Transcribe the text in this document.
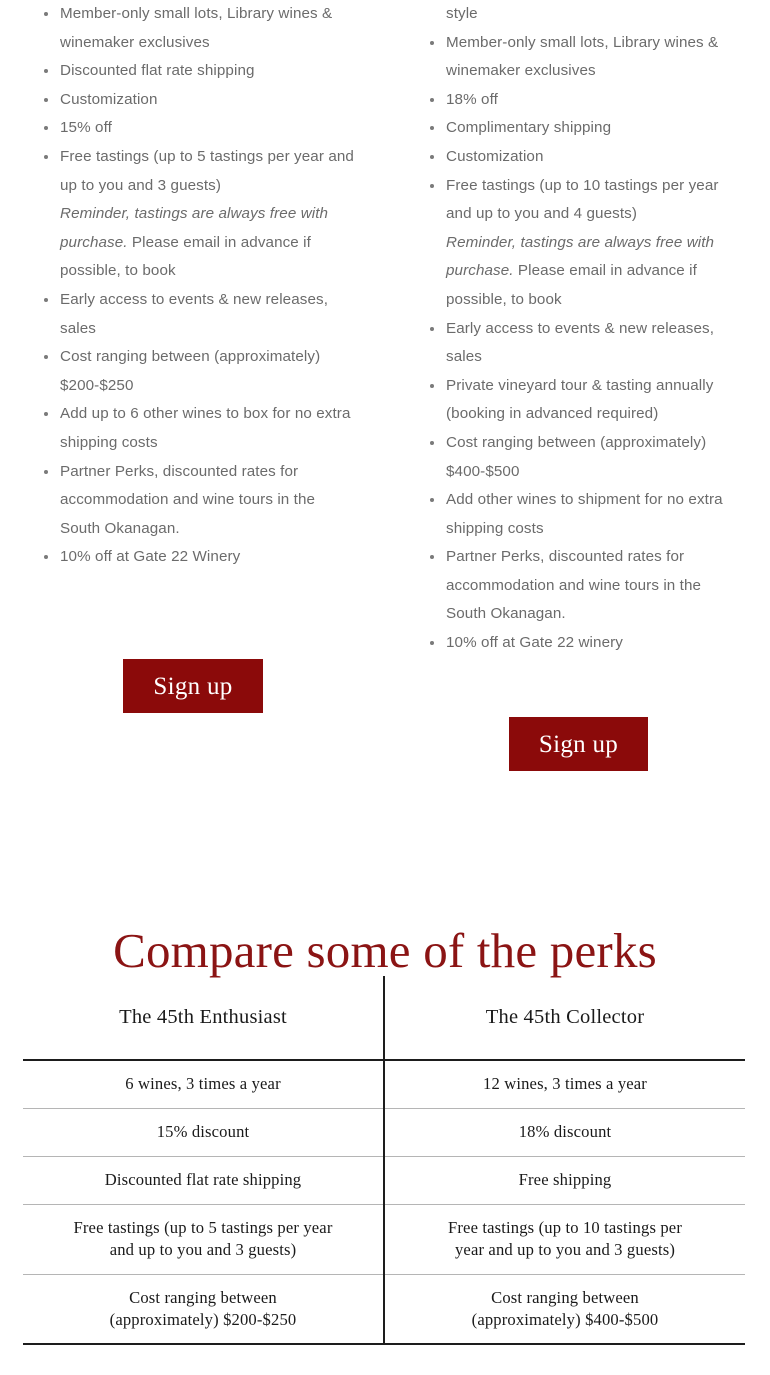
Member-only small lots, Library wines & winemaker exclusives
Discounted flat rate shipping
Customization
15% off
Free tastings (up to 5 tastings per year and up to you and 3 guests)
Reminder, tastings are always free with purchase. Please email in advance if possible, to book
Early access to events & new releases, sales
Cost ranging between (approximately) $200-$250
Add up to 6 other wines to box for no extra shipping costs
Partner Perks, discounted rates for accommodation and wine tours in the South Okanagan.
10% off at Gate 22 Winery
style
Member-only small lots, Library wines & winemaker exclusives
18% off
Complimentary shipping
Customization
Free tastings (up to 10 tastings per year and up to you and 4 guests)
Reminder, tastings are always free with purchase. Please email in advance if possible, to book
Early access to events & new releases, sales
Private vineyard tour & tasting annually (booking in advanced required)
Cost ranging between (approximately) $400-$500
Add other wines to shipment for no extra shipping costs
Partner Perks, discounted rates for accommodation and wine tours in the South Okanagan.
10% off at Gate 22 winery
Sign up
Sign up
Compare some of the perks
The 45th Enthusiast	The 45th Collector

6 wines, 3 times a year	12 wines, 3 times a year

15% discount	18% discount

Discounted flat rate shipping	Free shipping

Free tastings (up to 5 tastings per year
and up to you and 3 guests)	Free tastings (up to 10 tastings per
year and up to you and 3 guests)

Cost ranging between
(approximately) $200-$250	Cost ranging between
(approximately) $400-$500
